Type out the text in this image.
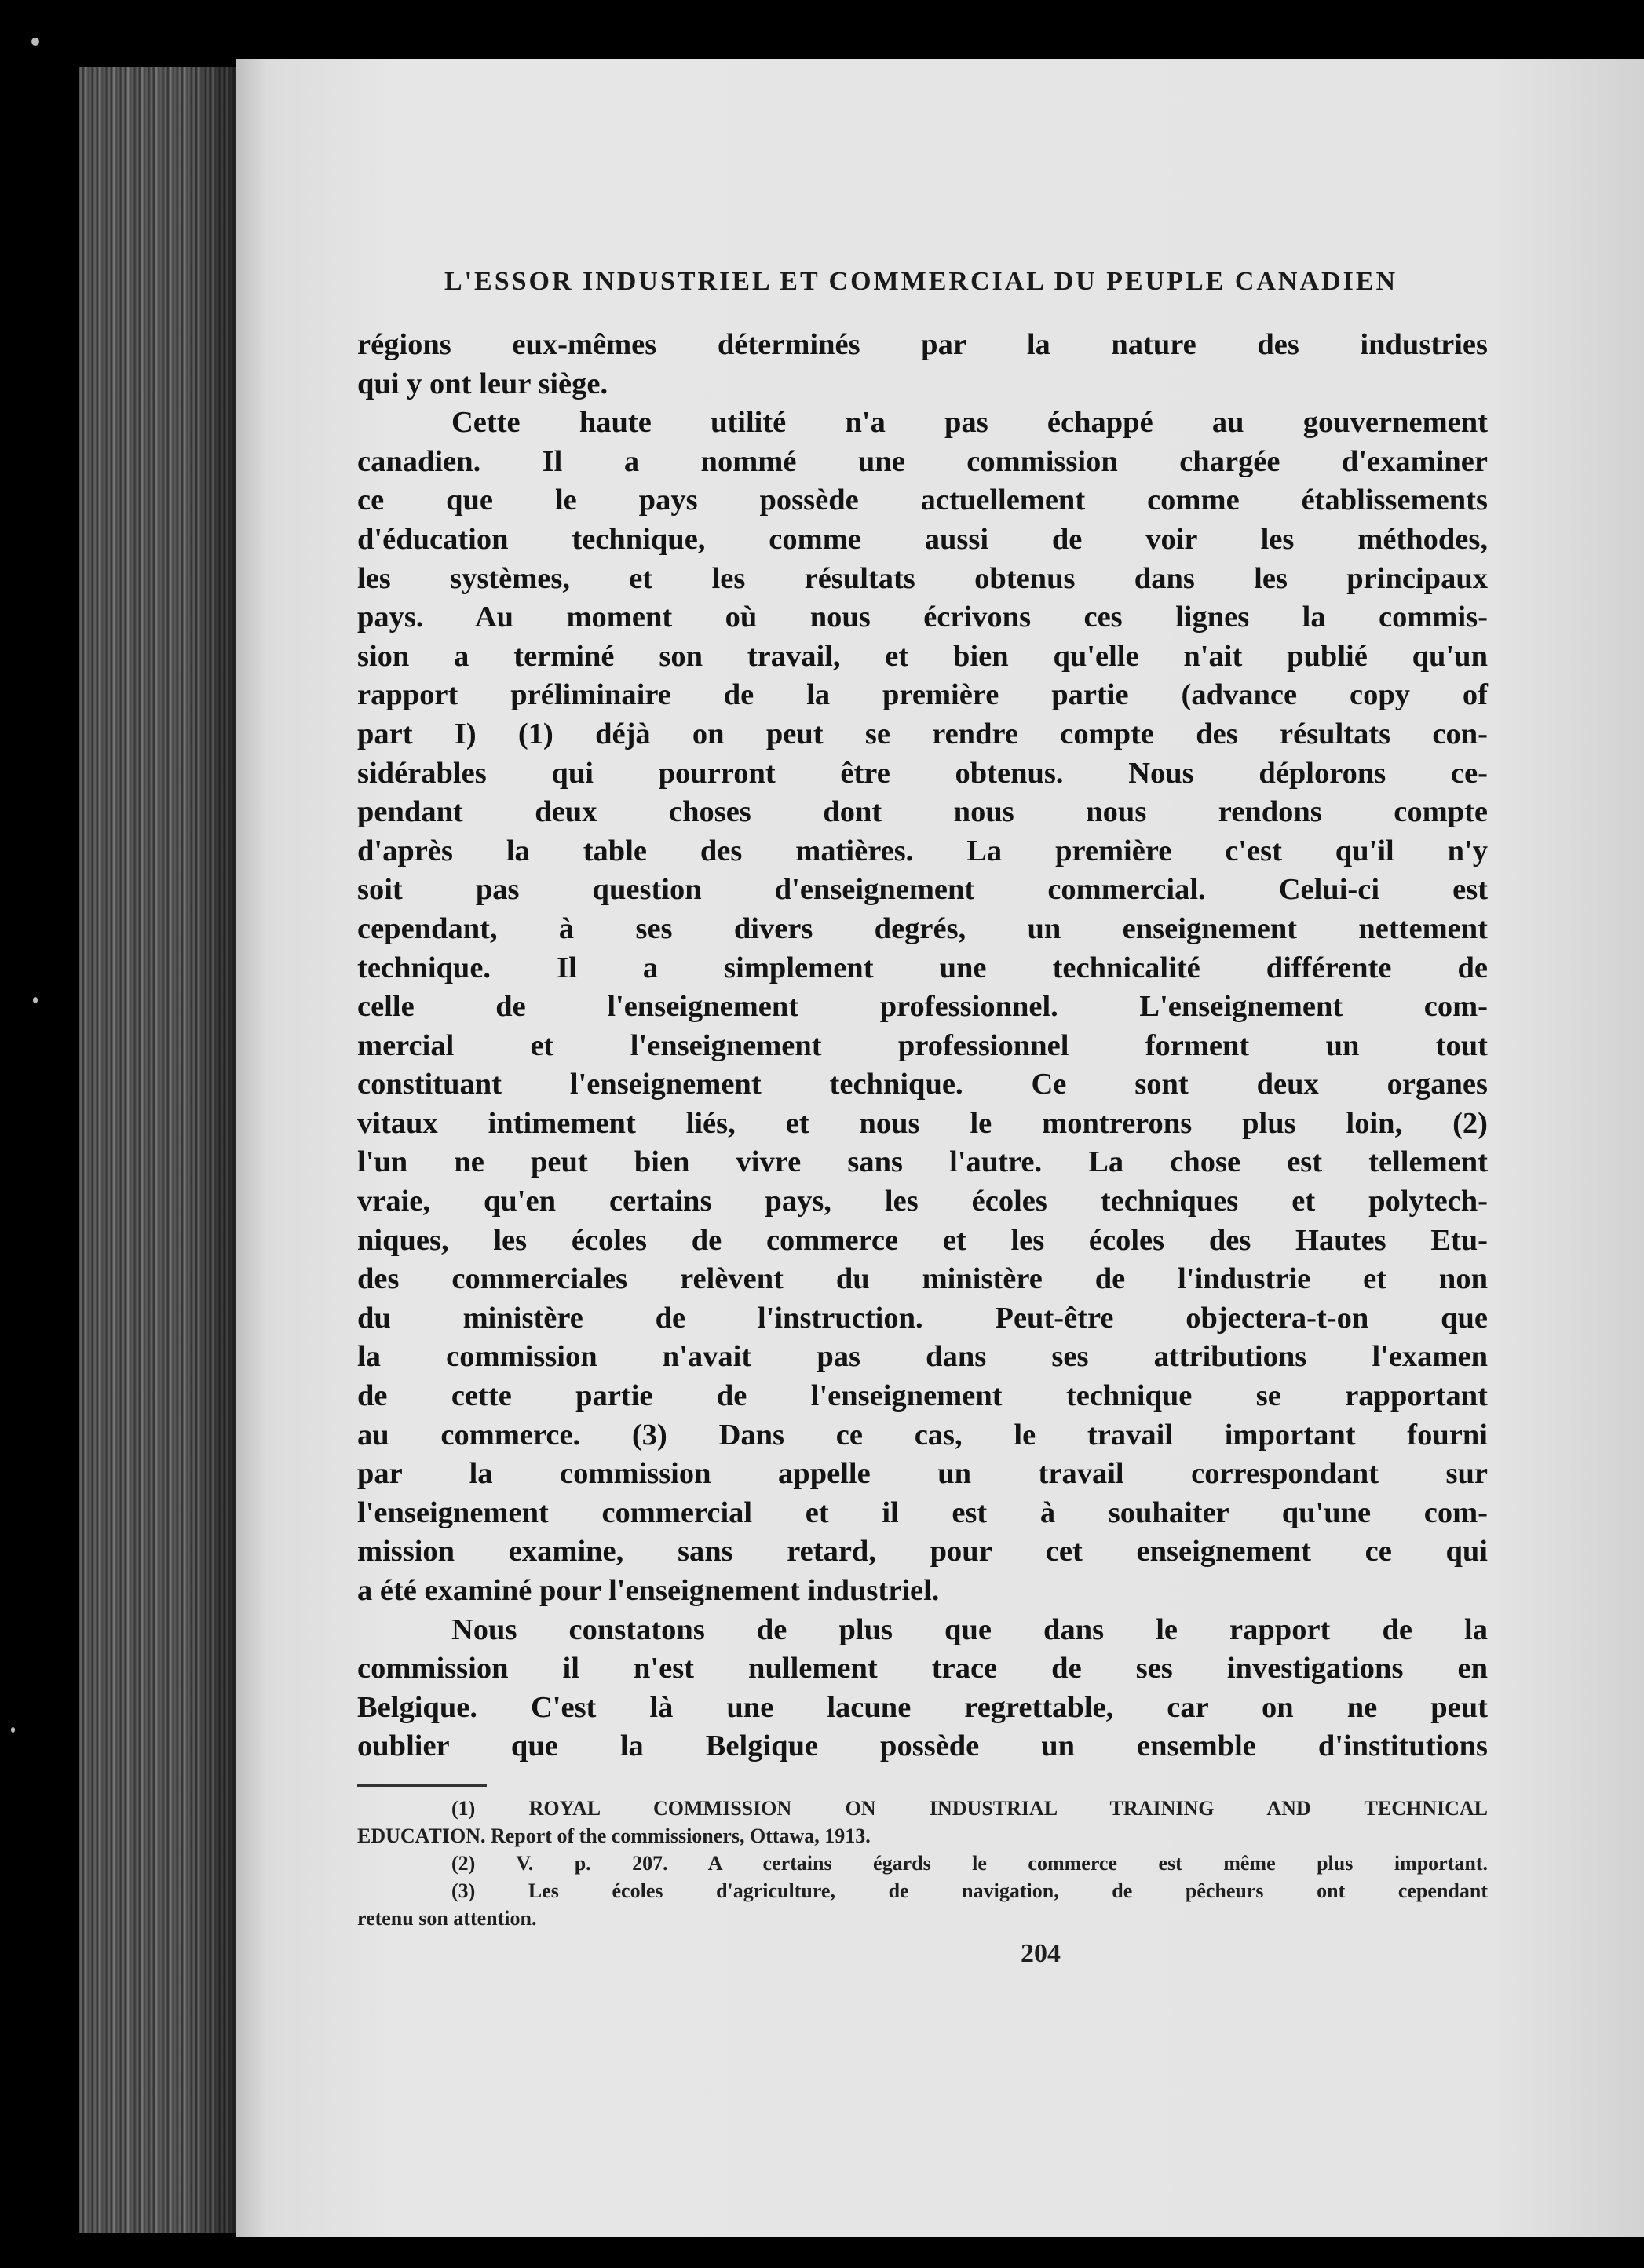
L'ESSOR INDUSTRIEL ET COMMERCIAL DU PEUPLE CANADIEN
régions eux-mêmes déterminés par la nature des industries
qui y ont leur siège.
Cette haute utilité n'a pas échappé au gouvernement
canadien. Il a nommé une commission chargée d'examiner
ce que le pays possède actuellement comme établissements
d'éducation technique, comme aussi de voir les méthodes,
les systèmes, et les résultats obtenus dans les principaux
pays. Au moment où nous écrivons ces lignes la commis-
sion a terminé son travail, et bien qu'elle n'ait publié qu'un
rapport préliminaire de la première partie (advance copy of
part I) (1) déjà on peut se rendre compte des résultats con-
sidérables qui pourront être obtenus. Nous déplorons ce-
pendant deux choses dont nous nous rendons compte
d'après la table des matières. La première c'est qu'il n'y
soit pas question d'enseignement commercial. Celui-ci est
cependant, à ses divers degrés, un enseignement nettement
technique. Il a simplement une technicalité différente de
celle de l'enseignement professionnel. L'enseignement com-
mercial et l'enseignement professionnel forment un tout
constituant l'enseignement technique. Ce sont deux organes
vitaux intimement liés, et nous le montrerons plus loin, (2)
l'un ne peut bien vivre sans l'autre. La chose est tellement
vraie, qu'en certains pays, les écoles techniques et polytech-
niques, les écoles de commerce et les écoles des Hautes Etu-
des commerciales relèvent du ministère de l'industrie et non
du ministère de l'instruction. Peut-être objectera-t-on que
la commission n'avait pas dans ses attributions l'examen
de cette partie de l'enseignement technique se rapportant
au commerce. (3) Dans ce cas, le travail important fourni
par la commission appelle un travail correspondant sur
l'enseignement commercial et il est à souhaiter qu'une com-
mission examine, sans retard, pour cet enseignement ce qui
a été examiné pour l'enseignement industriel.
Nous constatons de plus que dans le rapport de la
commission il n'est nullement trace de ses investigations en
Belgique. C'est là une lacune regrettable, car on ne peut
oublier que la Belgique possède un ensemble d'institutions
(1) ROYAL COMMISSION ON INDUSTRIAL TRAINING AND TECHNICAL
EDUCATION. Report of the commissioners, Ottawa, 1913.
(2) V. p. 207. A certains égards le commerce est même plus important.
(3) Les écoles d'agriculture, de navigation, de pêcheurs ont cependant
retenu son attention.
204
